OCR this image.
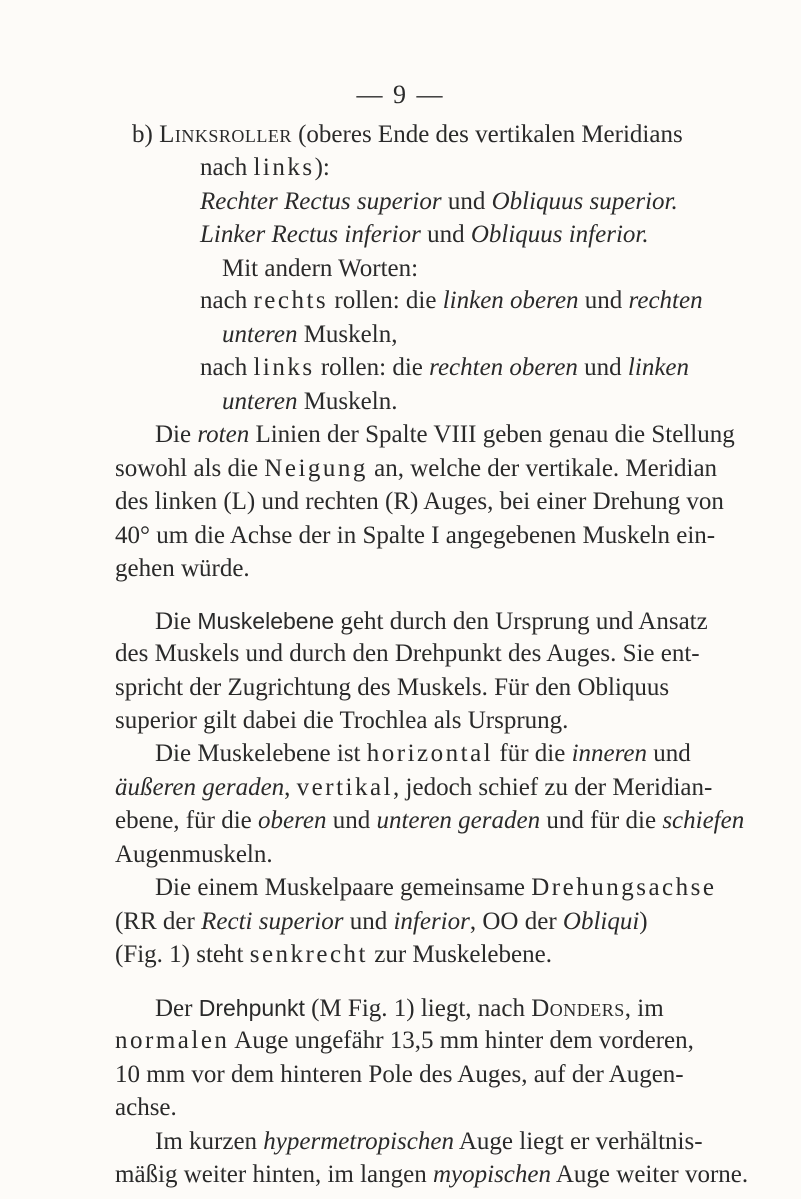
— 9 —
b) Linksroller (oberes Ende des vertikalen Meridians
nach links):
Rechter Rectus superior und Obliquus superior.
Linker Rectus inferior und Obliquus inferior.
Mit andern Worten:
nach rechts rollen: die linken oberen und rechten
unteren Muskeln,
nach links rollen: die rechten oberen und linken
unteren Muskeln.
Die roten Linien der Spalte VIII geben genau die Stellung
sowohl als die Neigung an, welche der vertikale. Meridian
des linken (L) und rechten (R) Auges, bei einer Drehung von
40° um die Achse der in Spalte I angegebenen Muskeln ein-
gehen würde.
Die Muskelebene geht durch den Ursprung und Ansatz
des Muskels und durch den Drehpunkt des Auges. Sie ent-
spricht der Zugrichtung des Muskels. Für den Obliquus
superior gilt dabei die Trochlea als Ursprung.
Die Muskelebene ist horizontal für die inneren und
äußeren geraden, vertikal, jedoch schief zu der Meridian-
ebene, für die oberen und unteren geraden und für die schiefen
Augenmuskeln.
Die einem Muskelpaare gemeinsame Drehungsachse
(RR der Recti superior und inferior, OO der Obliqui)
(Fig. 1) steht senkrecht zur Muskelebene.
Der Drehpunkt (M Fig. 1) liegt, nach Donders, im
normalen Auge ungefähr 13,5 mm hinter dem vorderen,
10 mm vor dem hinteren Pole des Auges, auf der Augen-
achse.
Im kurzen hypermetropischen Auge liegt er verhältnis-
mäßig weiter hinten, im langen myopischen Auge weiter vorne.
